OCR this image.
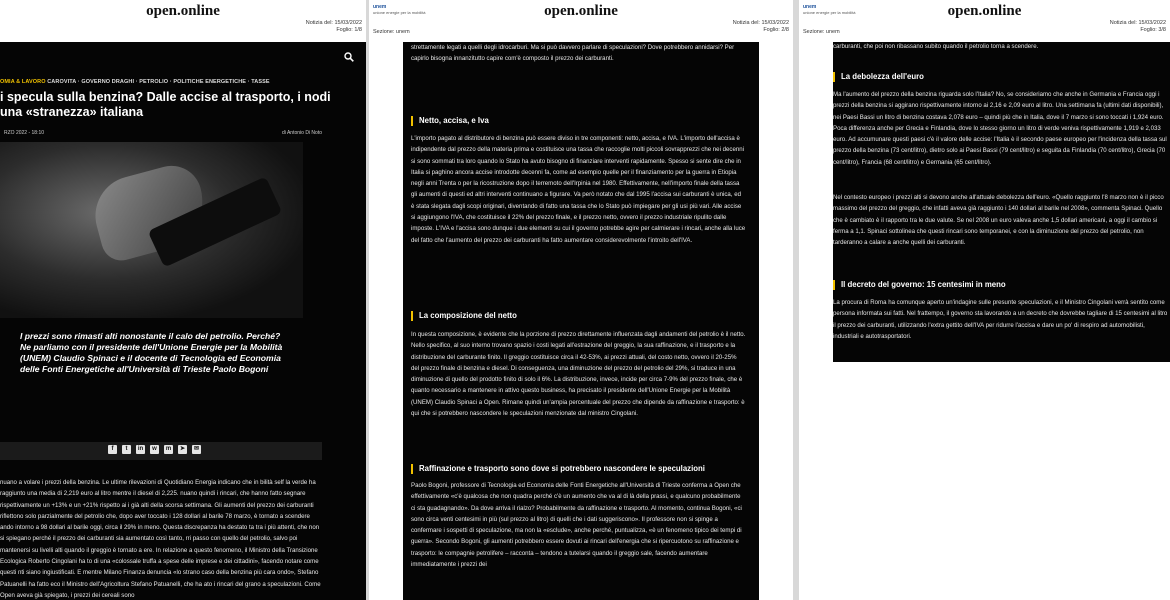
open.online
Notizia del: 15/03/2022
Foglio: 1/8
OMIA & LAVORO CAROVITA · GOVERNO DRAGHI · PETROLIO · POLITICHE ENERGETICHE · TASSE
i specula sulla benzina? Dalle accise al trasporto, i nodi una «stranezza» italiana
RZO 2022 - 18:10	di Antonio Di Noto
I prezzi sono rimasti alti nonostante il calo del petrolio. Perché? Ne parliamo con il presidente dell'Unione Energie per la Mobilità (UNEM) Claudio Spinaci e il docente di Tecnologia ed Economia delle Fonti Energetiche all'Università di Trieste Paolo Bogoni
f	t	in	w	m	➤	✉
nuano a volare i prezzi della benzina. Le ultime rilevazioni di Quotidiano Energia indicano che in bilità self la verde ha raggiunto una media di 2,219 euro al litro mentre il diesel di 2,225. nuano quindi i rincari, che hanno fatto segnare rispettivamente un +13% e un +21% rispetto ai i già alti della scorsa settimana. Gli aumenti del prezzo dei carburanti riflettono solo parzialmente del petrolio che, dopo aver toccato i 128 dollari al barile 78 marzo, è tornato a scendere ando intorno a 98 dollari al barile oggi, circa il 29% in meno. Questa discrepanza ha destato ta tra i più attenti, che non si spiegano perché il prezzo dei carburanti sia aumentato così tanto, rri passo con quello del petrolio, salvo poi mantenersi su livelli alti quando il greggio è tornato a ere. In relazione a questo fenomeno, il Ministro della Transizione Ecologica Roberto Cingolani ha to di una «colossale truffa a spese delle imprese e dei cittadini», facendo notare come questi nti siano ingiustificati. E mentre Milano Finanza denuncia «lo strano caso della benzina più cara ondo», Stefano Patuanelli ha fatto eco il Ministro dell'Agricoltura Stefano Patuanelli, che ha ato i rincari del grano a speculazioni. Come Open aveva già spiegato, i prezzi dei cereali sono
unem
unione energie per la mobilità
Sezione: unem
open.online
Notizia del: 15/03/2022
Foglio: 2/8
strettamente legati a quelli degli idrocarburi. Ma si può davvero parlare di speculazioni? Dove potrebbero annidarsi? Per capirlo bisogna innanzitutto capire com'è composto il prezzo dei carburanti.
Netto, accisa, e Iva
L'importo pagato al distributore di benzina può essere diviso in tre componenti: netto, accisa, e IVA. L'importo dell'accisa è indipendente dal prezzo della materia prima e costituisce una tassa che raccoglie molti piccoli sovrapprezzi che nei decenni si sono sommati tra loro quando lo Stato ha avuto bisogno di finanziare interventi rapidamente. Spesso si sente dire che in Italia si paghino ancora accise introdotte decenni fa, come ad esempio quelle per il finanziamento per la guerra in Etiopia negli anni Trenta o per la ricostruzione dopo il terremoto dell'Irpinia nel 1980. Effettivamente, nell'importo finale della tassa gli aumenti di questi ed altri interventi continuano a figurare. Va però notato che dal 1995 l'accisa sui carburanti è unica, ed è stata slegata dagli scopi originari, diventando di fatto una tassa che lo Stato può impiegare per gli usi più vari. Alle accise si aggiungono l'IVA, che costituisce il 22% del prezzo finale, e il prezzo netto, ovvero il prezzo industriale ripulito dalle imposte. L'IVA e l'accisa sono dunque i due elementi su cui il governo potrebbe agire per calmierare i rincari, anche alla luce del fatto che l'aumento del prezzo dei carburanti ha fatto aumentare considerevolmente l'introito dell'IVA.
La composizione del netto
In questa composizione, è evidente che la porzione di prezzo direttamente influenzata dagli andamenti del petrolio è il netto. Nello specifico, al suo interno trovano spazio i costi legati all'estrazione del greggio, la sua raffinazione, e il trasporto e la distribuzione del carburante finito. Il greggio costituisce circa il 42-53%, ai prezzi attuali, del costo netto, ovvero il 20-25% del prezzo finale di benzina e diesel. Di conseguenza, una diminuzione del prezzo del petrolio del 29%, si traduce in una diminuzione di quello del prodotto finito di solo il 6%. La distribuzione, invece, incide per circa 7-9% del prezzo finale, che è quanto necessario a mantenere in attivo questo business, ha precisato il presidente dell'Unione Energie per la Mobilità (UNEM) Claudio Spinaci a Open. Rimane quindi un'ampia percentuale del prezzo che dipende da raffinazione e trasporto: è qui che si potrebbero nascondere le speculazioni menzionate dal ministro Cingolani.
Raffinazione e trasporto sono dove si potrebbero nascondere le speculazioni
Paolo Bogoni, professore di Tecnologia ed Economia delle Fonti Energetiche all'Università di Trieste conferma a Open che effettivamente «c'è qualcosa che non quadra perché c'è un aumento che va al di là della prassi, e qualcuno probabilmente ci sta guadagnando». Da dove arriva il rialzo? Probabilmente da raffinazione e trasporto. Al momento, continua Bogoni, «ci sono circa venti centesimi in più (sul prezzo al litro) di quelli che i dati suggeriscono». Il professore non si spinge a confermare i sospetti di speculazione, ma non la «esclude», anche perché, puntualizza, «è un fenomeno tipico dei tempi di guerra». Secondo Bogoni, gli aumenti potrebbero essere dovuti ai rincari dell'energia che si ripercuotono su raffinazione e trasporto: le compagnie petrolifere – racconta – tendono a tutelarsi quando il greggio sale, facendo aumentare immediatamente i prezzi dei
unem
unione energie per la mobilità
Sezione: unem
open.online
Notizia del: 15/03/2022
Foglio: 3/8
carburanti, che poi non ribassano subito quando il petrolio torna a scendere.
La debolezza dell'euro
Ma l'aumento del prezzo della benzina riguarda solo l'Italia? No, se consideriamo che anche in Germania e Francia oggi i prezzi della benzina si aggirano rispettivamente intorno ai 2,16 e 2,09 euro al litro. Una settimana fa (ultimi dati disponibili), nei Paesi Bassi un litro di benzina costava 2,078 euro – quindi più che in Italia, dove il 7 marzo si sono toccati i 1,924 euro. Poca differenza anche per Grecia e Finlandia, dove lo stesso giorno un litro di verde veniva rispettivamente 1,919 e 2,033 euro. Ad accumunare questi paesi c'è il valore delle accise: l'Italia è il secondo paese europeo per l'incidenza della tassa sul prezzo della benzina (73 cent/litro), dietro solo ai Paesi Bassi (79 cent/litro) e seguita da Finlandia (70 cent/litro), Grecia (70 cent/litro), Francia (68 cent/litro) e Germania (65 cent/litro).
Nel contesto europeo i prezzi alti si devono anche all'attuale debolezza dell'euro. «Quello raggiunto l'8 marzo non è il picco massimo del prezzo del greggio, che infatti aveva già raggiunto i 140 dollari al barile nel 2008», commenta Spinaci. Quello che è cambiato è il rapporto tra le due valute. Se nel 2008 un euro valeva anche 1,5 dollari americani, a oggi il cambio si ferma a 1,1. Spinaci sottolinea che questi rincari sono temporanei, e con la diminuzione del prezzo del petrolio, non tarderanno a calare a anche quelli dei carburanti.
Il decreto del governo: 15 centesimi in meno
La procura di Roma ha comunque aperto un'indagine sulle presunte speculazioni, e il Ministro Cingolani verrà sentito come persona informata sui fatti. Nel frattempo, il governo sta lavorando a un decreto che dovrebbe tagliare di 15 centesimi al litro il prezzo dei carburanti, utilizzando l'extra gettito dell'IVA per ridurre l'accisa e dare un po' di respiro ad automobilisti, industriali e autotrasportatori.
